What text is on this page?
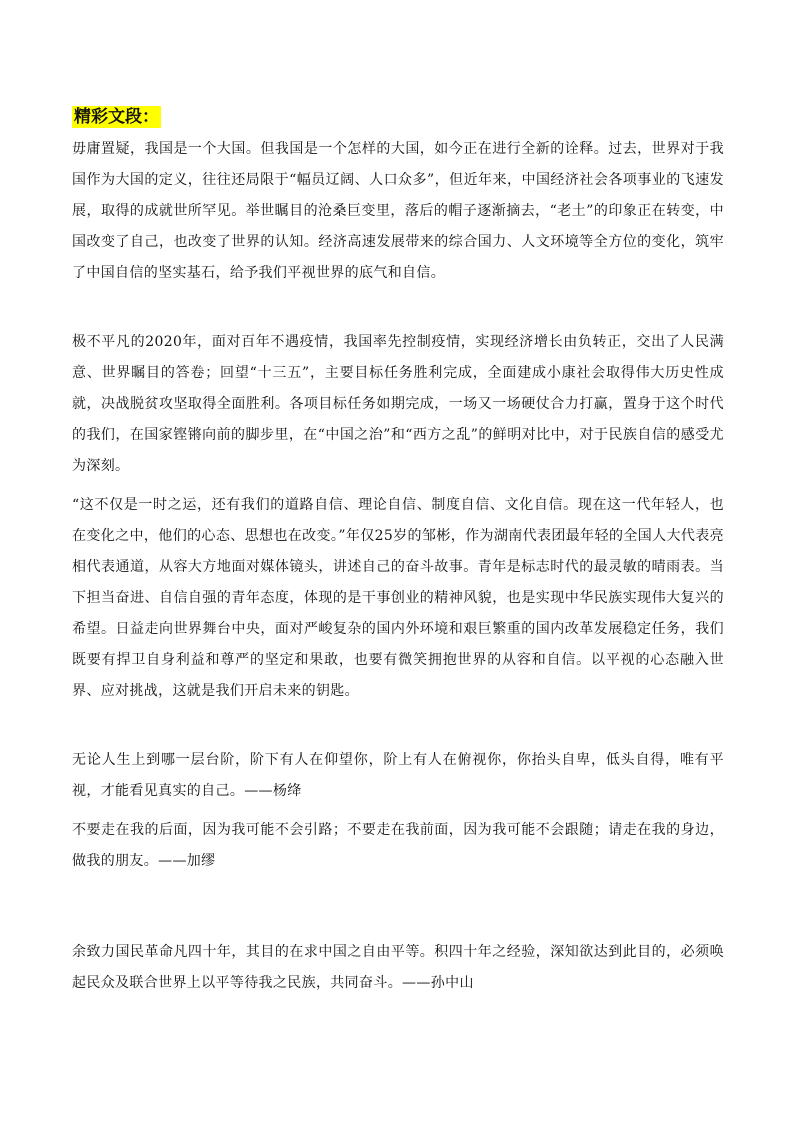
精彩文段：

毋庸置疑，我国是一个大国。但我国是一个怎样的大国，如今正在进行全新的诠释。过去，世界对于我国作为大国的定义，往往还局限于“幅员辽阔、人口众多”，但近年来，中国经济社会各项事业的飞速发展，取得的成就世所罕见。举世瞩目的沧桑巨变里，落后的帽子逐渐摘去，“老土”的印象正在转变，中国改变了自己，也改变了世界的认知。经济高速发展带来的综合国力、人文环境等全方位的变化，筑牢了中国自信的坚实基石，给予我们平视世界的底气和自信。

极不平凡的2020年，面对百年不遇疫情，我国率先控制疫情，实现经济增长由负转正，交出了人民满意、世界瞩目的答卷；回望“十三五”，主要目标任务胜利完成，全面建成小康社会取得伟大历史性成就，决战脱贫攻坚取得全面胜利。各项目标任务如期完成，一场又一场硬仗合力打赢，置身于这个时代的我们，在国家铿锵向前的脚步里，在“中国之治”和“西方之乱”的鲜明对比中，对于民族自信的感受尤为深刻。

“这不仅是一时之运，还有我们的道路自信、理论自信、制度自信、文化自信。现在这一代年轻人，也在变化之中，他们的心态、思想也在改变。”年仅25岁的邹彬，作为湖南代表团最年轻的全国人大代表亮相代表通道，从容大方地面对媒体镜头，讲述自己的奋斗故事。青年是标志时代的最灵敏的晴雨表。当下担当奋进、自信自强的青年态度，体现的是干事创业的精神风貌，也是实现中华民族实现伟大复兴的希望。日益走向世界舞台中央，面对严峻复杂的国内外环境和艰巨繁重的国内改革发展稳定任务，我们既要有捍卫自身利益和尊严的坚定和果敢，也要有微笑拥抱世界的从容和自信。以平视的心态融入世界、应对挑战，这就是我们开启未来的钥匙。

无论人生上到哪一层台阶，阶下有人在仰望你，阶上有人在俯视你，你抬头自卑，低头自得，唯有平视，才能看见真实的自己。——杨绛

不要走在我的后面，因为我可能不会引路；不要走在我前面，因为我可能不会跟随；请走在我的身边，做我的朋友。——加缪

余致力国民革命凡四十年，其目的在求中国之自由平等。积四十年之经验，深知欲达到此目的，必须唤起民众及联合世界上以平等待我之民族，共同奋斗。——孙中山
